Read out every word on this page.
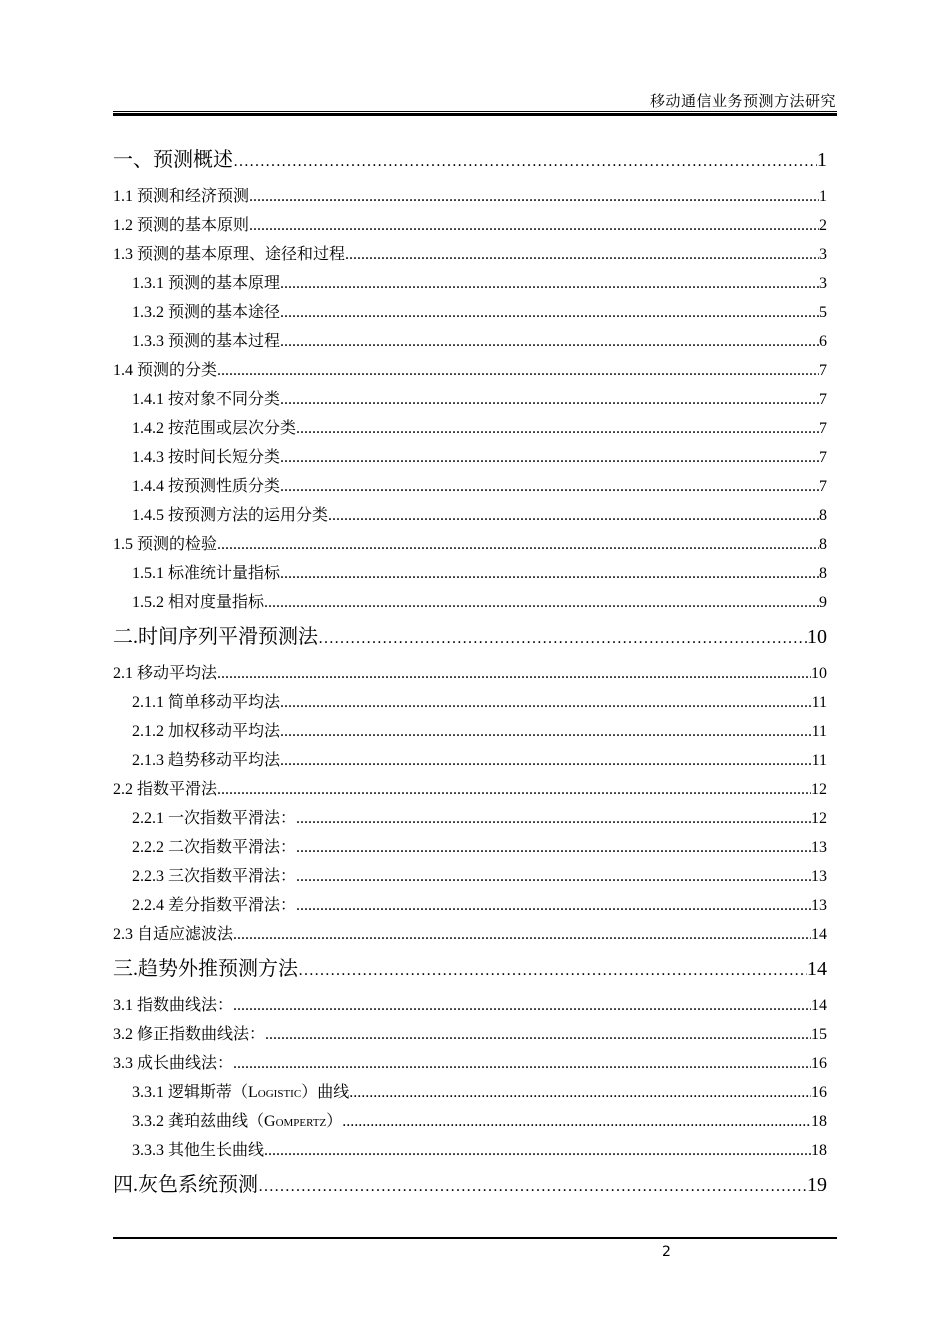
移动通信业务预测方法研究
一、预测概述 ……………………………………………………………………………………………………………………………………	1
1.1 预测和经济预测 .....	1
1.2 预测的基本原则 .....	2
1.3 预测的基本原理、途径和过程 .....	3
1.3.1 预测的基本原理 .....	3
1.3.2 预测的基本途径 .....	5
1.3.3 预测的基本过程 .....	6
1.4 预测的分类 .....	7
1.4.1 按对象不同分类 .....	7
1.4.2 按范围或层次分类 .....	7
1.4.3 按时间长短分类 .....	7
1.4.4 按预测性质分类 .....	7
1.4.5 按预测方法的运用分类 .....	8
1.5 预测的检验 .....	8
1.5.1 标准统计量指标 .....	8
1.5.2 相对度量指标 .....	9
二.时间序列平滑预测法 ……………………………………………………………………………………………………………………………………	10
2.1 移动平均法 .....	10
2.1.1 简单移动平均法 .....	11
2.1.2 加权移动平均法 .....	11
2.1.3 趋势移动平均法 .....	11
2.2 指数平滑法 .....	12
2.2.1 一次指数平滑法： .....	12
2.2.2 二次指数平滑法： .....	13
2.2.3 三次指数平滑法： .....	13
2.2.4 差分指数平滑法： .....	13
2.3 自适应滤波法 .....	14
三.趋势外推预测方法 ……………………………………………………………………………………………………………………………………	14
3.1 指数曲线法： .....	14
3.2 修正指数曲线法： .....	15
3.3 成长曲线法： .....	16
3.3.1 逻辑斯蒂（Logistic）曲线 .....	16
3.3.2 龚珀兹曲线（Gompertz） .....	18
3.3.3 其他生长曲线 .....	18
四.灰色系统预测 ……………………………………………………………………………………………………………………………………	19
2
